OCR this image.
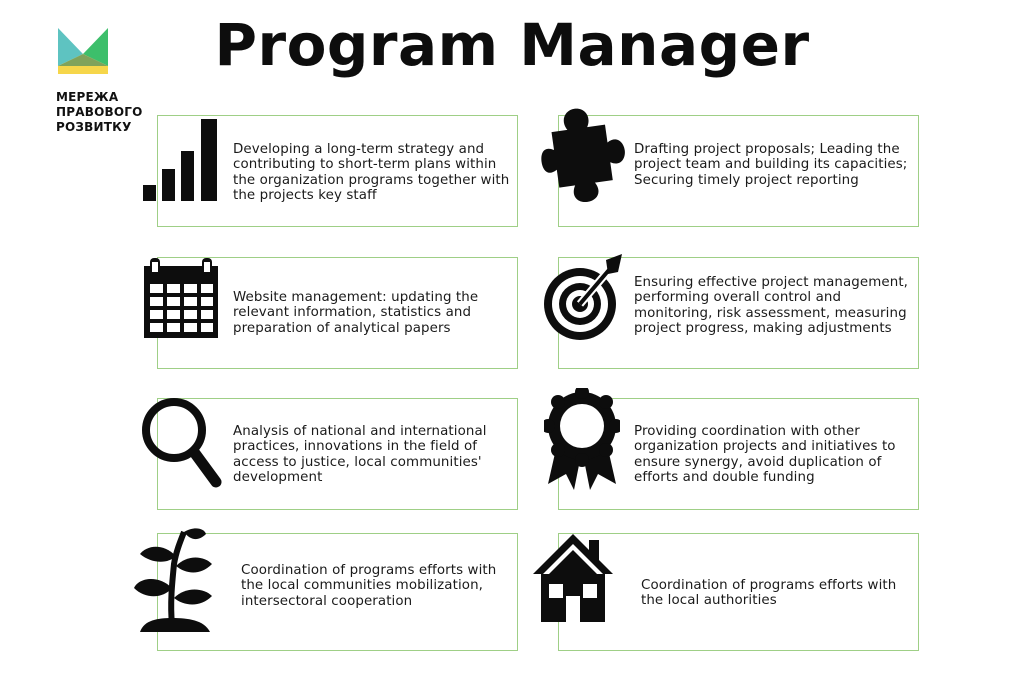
МЕРЕЖА
ПРАВОВОГО
РОЗВИТКУ
Program Manager
Developing a long-term strategy and contributing to short-term plans within the organization programs together with the projects key staff
Drafting project proposals; Leading the project team and building its capacities; Securing timely project reporting
Website management: updating the relevant information, statistics and preparation of analytical papers
Ensuring effective project management, performing overall control and monitoring, risk assessment, measuring project progress, making adjustments
Analysis of national and international practices, innovations in the field of access to justice, local communities' development
Providing coordination with other organization projects and initiatives to ensure synergy, avoid duplication of efforts and double funding
Coordination of programs efforts with the local communities mobilization, intersectoral cooperation
Coordination of programs efforts with the local authorities
